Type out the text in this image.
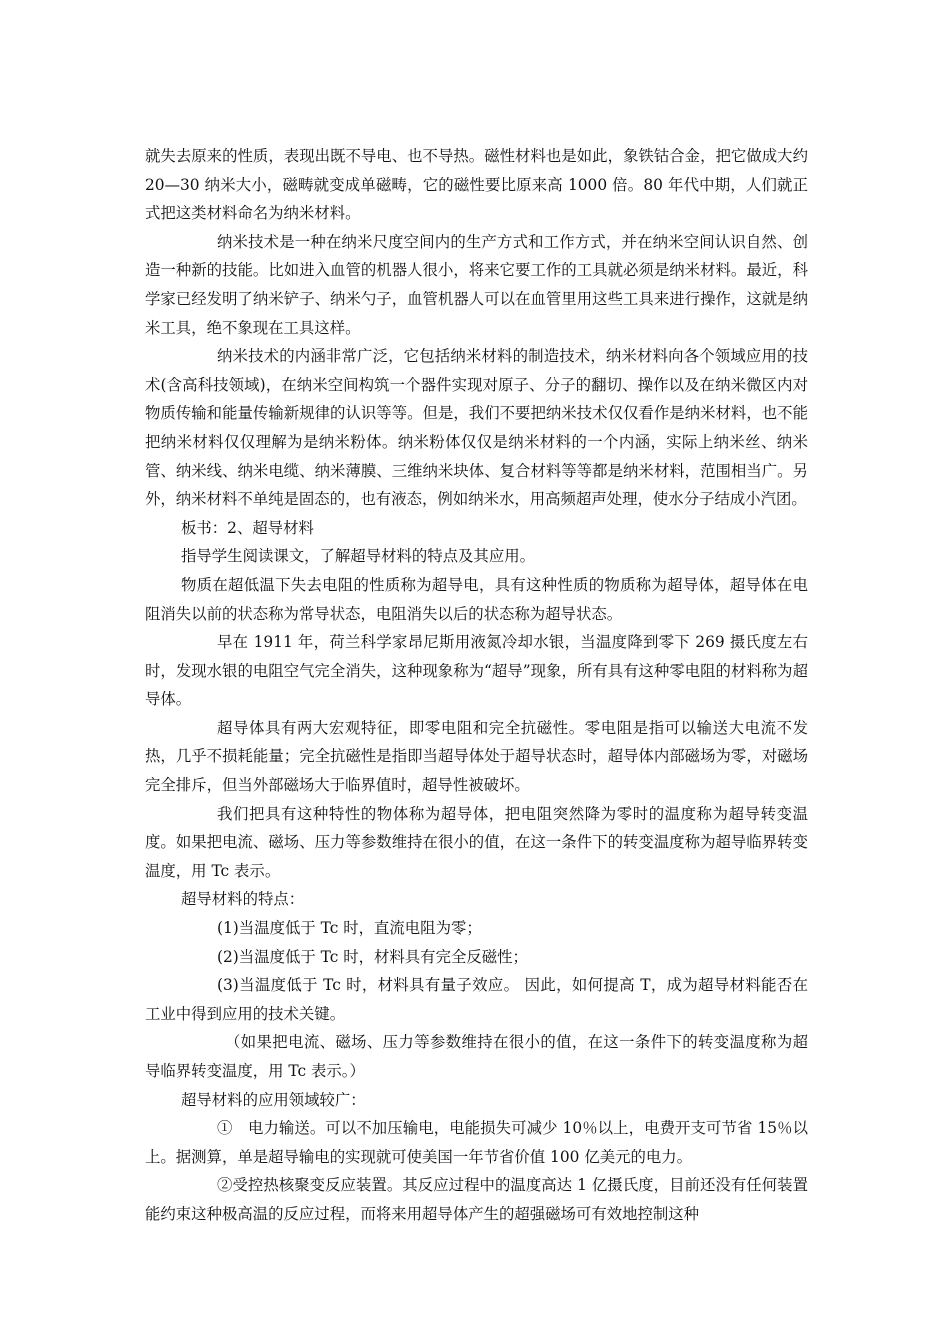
就失去原来的性质，表现出既不导电、也不导热。磁性材料也是如此，象铁钴合金，把它做成大约 20—30 纳米大小，磁畴就变成单磁畴，它的磁性要比原来高 1000 倍。80 年代中期，人们就正式把这类材料命名为纳米材料。

纳米技术是一种在纳米尺度空间内的生产方式和工作方式，并在纳米空间认识自然、创造一种新的技能。比如进入血管的机器人很小，将来它要工作的工具就必须是纳米材料。最近，科学家已经发明了纳米铲子、纳米勺子，血管机器人可以在血管里用这些工具来进行操作，这就是纳米工具，绝不象现在工具这样。

纳米技术的内涵非常广泛，它包括纳米材料的制造技术，纳米材料向各个领域应用的技术(含高科技领域)，在纳米空间构筑一个器件实现对原子、分子的翻切、操作以及在纳米微区内对物质传输和能量传输新规律的认识等等。但是，我们不要把纳米技术仅仅看作是纳米材料，也不能把纳米材料仅仅理解为是纳米粉体。纳米粉体仅仅是纳米材料的一个内涵，实际上纳米丝、纳米管、纳米线、纳米电缆、纳米薄膜、三维纳米块体、复合材料等等都是纳米材料，范围相当广。另外，纳米材料不单纯是固态的，也有液态，例如纳米水，用高频超声处理，使水分子结成小汽团。

板书：2、超导材料

指导学生阅读课文，了解超导材料的特点及其应用。

物质在超低温下失去电阻的性质称为超导电，具有这种性质的物质称为超导体，超导体在电阻消失以前的状态称为常导状态，电阻消失以后的状态称为超导状态。

早在 1911 年，荷兰科学家昂尼斯用液氮冷却水银，当温度降到零下 269 摄氏度左右时，发现水银的电阻空气完全消失，这种现象称为“超导”现象，所有具有这种零电阻的材料称为超导体。

超导体具有两大宏观特征，即零电阻和完全抗磁性。零电阻是指可以输送大电流不发热，几乎不损耗能量；完全抗磁性是指即当超导体处于超导状态时，超导体内部磁场为零，对磁场完全排斥，但当外部磁场大于临界值时，超导性被破坏。

我们把具有这种特性的物体称为超导体，把电阻突然降为零时的温度称为超导转变温度。如果把电流、磁场、压力等参数维持在很小的值，在这一条件下的转变温度称为超导临界转变温度，用 Tc 表示。

超导材料的特点：

(1)当温度低于 Tc 时，直流电阻为零；

(2)当温度低于 Tc 时，材料具有完全反磁性；

(3)当温度低于 Tc 时，材料具有量子效应。 因此，如何提高 T，成为超导材料能否在工业中得到应用的技术关键。

（如果把电流、磁场、压力等参数维持在很小的值，在这一条件下的转变温度称为超导临界转变温度，用 Tc 表示。）

超导材料的应用领域较广：

①　电力输送。可以不加压输电，电能损失可减少 10％以上，电费开支可节省 15％以上。据测算，单是超导输电的实现就可使美国一年节省价值 100 亿美元的电力。

②受控热核聚变反应装置。其反应过程中的温度高达 1 亿摄氏度，目前还没有任何装置能约束这种极高温的反应过程，而将来用超导体产生的超强磁场可有效地控制这种
